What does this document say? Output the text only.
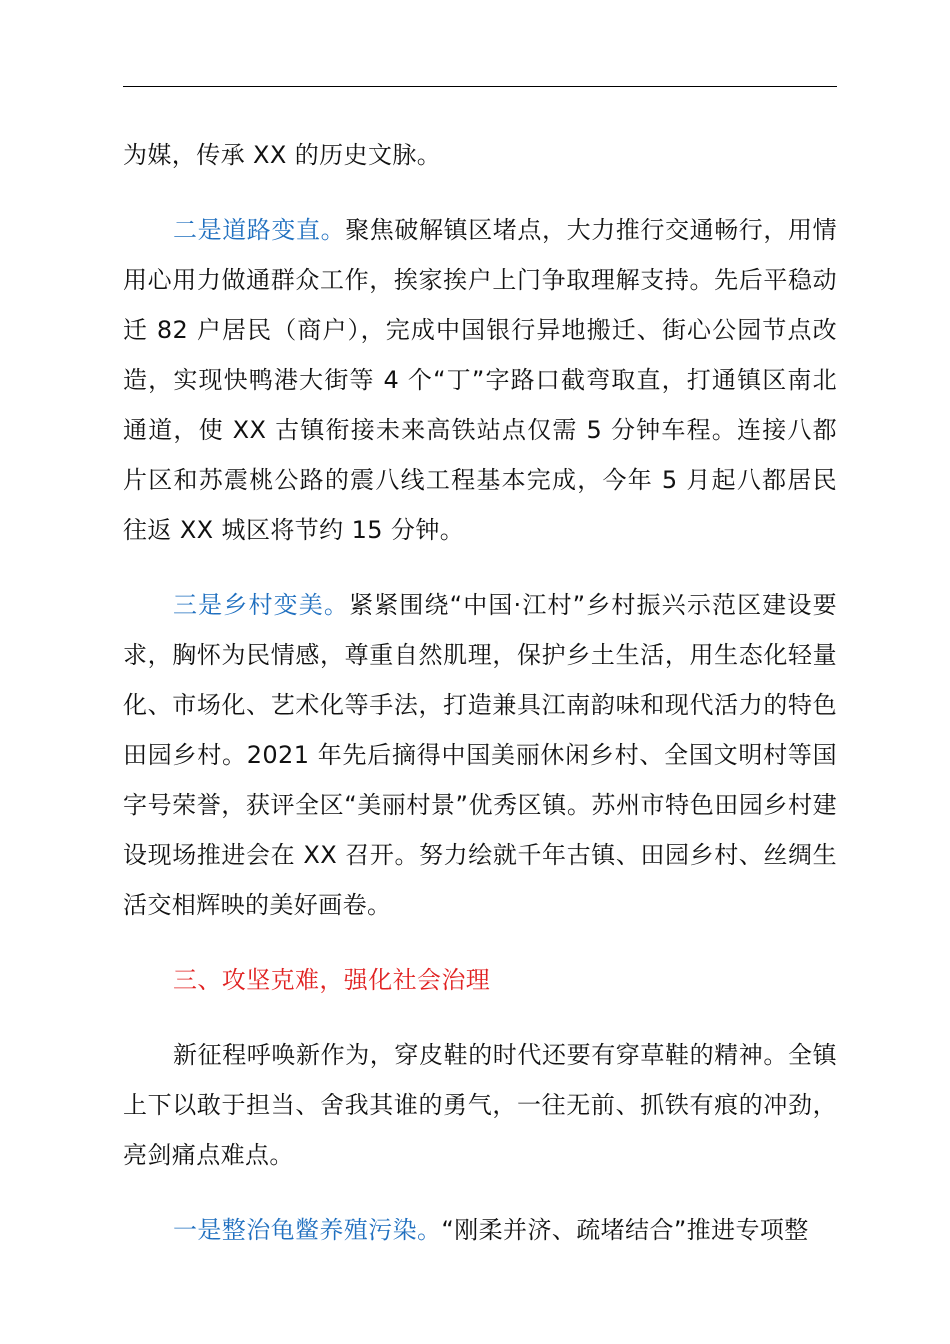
为媒，传承 XX 的历史文脉。

二是道路变直。聚焦破解镇区堵点，大力推行交通畅行，用情用心用力做通群众工作，挨家挨户上门争取理解支持。先后平稳动迁 82 户居民（商户），完成中国银行异地搬迁、街心公园节点改造，实现快鸭港大街等 4 个“丁”字路口截弯取直，打通镇区南北通道，使 XX 古镇衔接未来高铁站点仅需 5 分钟车程。连接八都片区和苏震桃公路的震八线工程基本完成，今年 5 月起八都居民往返 XX 城区将节约 15 分钟。

三是乡村变美。紧紧围绕“中国·江村”乡村振兴示范区建设要求，胸怀为民情感，尊重自然肌理，保护乡土生活，用生态化轻量化、市场化、艺术化等手法，打造兼具江南韵味和现代活力的特色田园乡村。2021 年先后摘得中国美丽休闲乡村、全国文明村等国字号荣誉，获评全区“美丽村景”优秀区镇。苏州市特色田园乡村建设现场推进会在 XX 召开。努力绘就千年古镇、田园乡村、丝绸生活交相辉映的美好画卷。

三、攻坚克难，强化社会治理

新征程呼唤新作为，穿皮鞋的时代还要有穿草鞋的精神。全镇上下以敢于担当、舍我其谁的勇气，一往无前、抓铁有痕的冲劲，亮剑痛点难点。

一是整治龟鳖养殖污染。“刚柔并济、疏堵结合”推进专项整
